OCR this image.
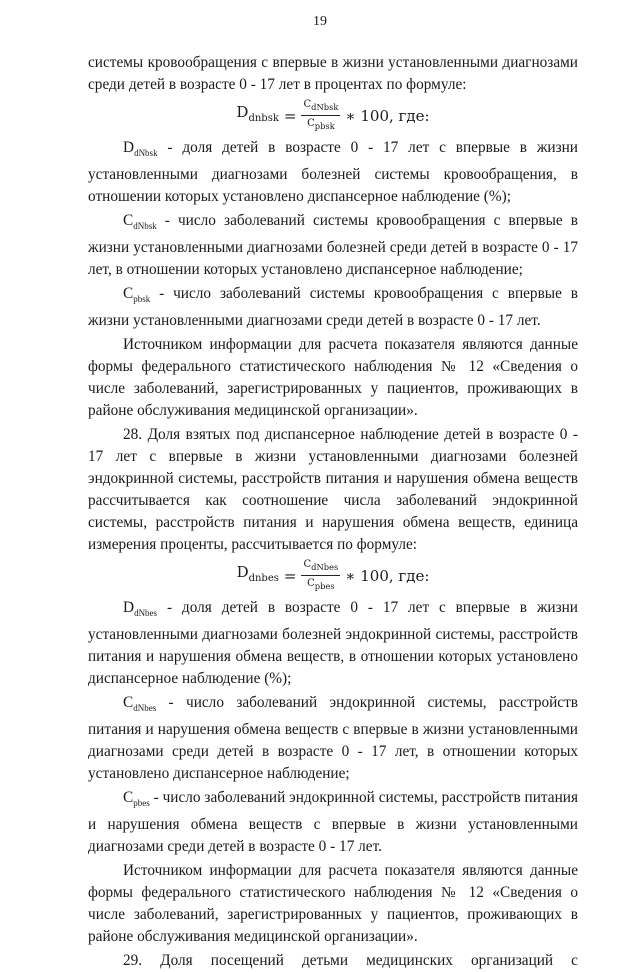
19

системы кровообращения с впервые в жизни установленными диагнозами среди детей в возрасте 0 - 17 лет в процентах по формуле:

$D_{dnbsk} = \frac{C_{dNbsk}}{C_{pbsk}}$ ∗ 100, где:

$D_{dNbsk}$ - доля детей в возрасте 0 - 17 лет с впервые в жизни установленными диагнозами болезней системы кровообращения, в отношении которых установлено диспансерное наблюдение (%);

$C_{dNbsk}$ - число заболеваний системы кровообращения с впервые в жизни установленными диагнозами болезней среди детей в возрасте 0 - 17 лет, в отношении которых установлено диспансерное наблюдение;

$C_{pbsk}$ - число заболеваний системы кровообращения с впервые в жизни установленными диагнозами среди детей в возрасте 0 - 17 лет.

Источником информации для расчета показателя являются данные формы федерального статистического наблюдения № 12 «Сведения о числе заболеваний, зарегистрированных у пациентов, проживающих в районе обслуживания медицинской организации».

28. Доля взятых под диспансерное наблюдение детей в возрасте 0 - 17 лет с впервые в жизни установленными диагнозами болезней эндокринной системы, расстройств питания и нарушения обмена веществ рассчитывается как соотношение числа заболеваний эндокринной системы, расстройств питания и нарушения обмена веществ, единица измерения проценты, рассчитывается по формуле:

$D_{dnbes} = \frac{C_{dNbes}}{C_{pbes}}$ ∗ 100, где:

$D_{dNbes}$ - доля детей в возрасте 0 - 17 лет с впервые в жизни установленными диагнозами болезней эндокринной системы, расстройств питания и нарушения обмена веществ, в отношении которых установлено диспансерное наблюдение (%);

$C_{dNbes}$ - число заболеваний эндокринной системы, расстройств питания и нарушения обмена веществ с впервые в жизни установленными диагнозами среди детей в возрасте 0 - 17 лет, в отношении которых установлено диспансерное наблюдение;

$C_{pbes}$ - число заболеваний эндокринной системы, расстройств питания и нарушения обмена веществ с впервые в жизни установленными диагнозами среди детей в возрасте 0 - 17 лет.

Источником информации для расчета показателя являются данные формы федерального статистического наблюдения № 12 «Сведения о числе заболеваний, зарегистрированных у пациентов, проживающих в районе обслуживания медицинской организации».

29. Доля посещений детьми медицинских организаций с
